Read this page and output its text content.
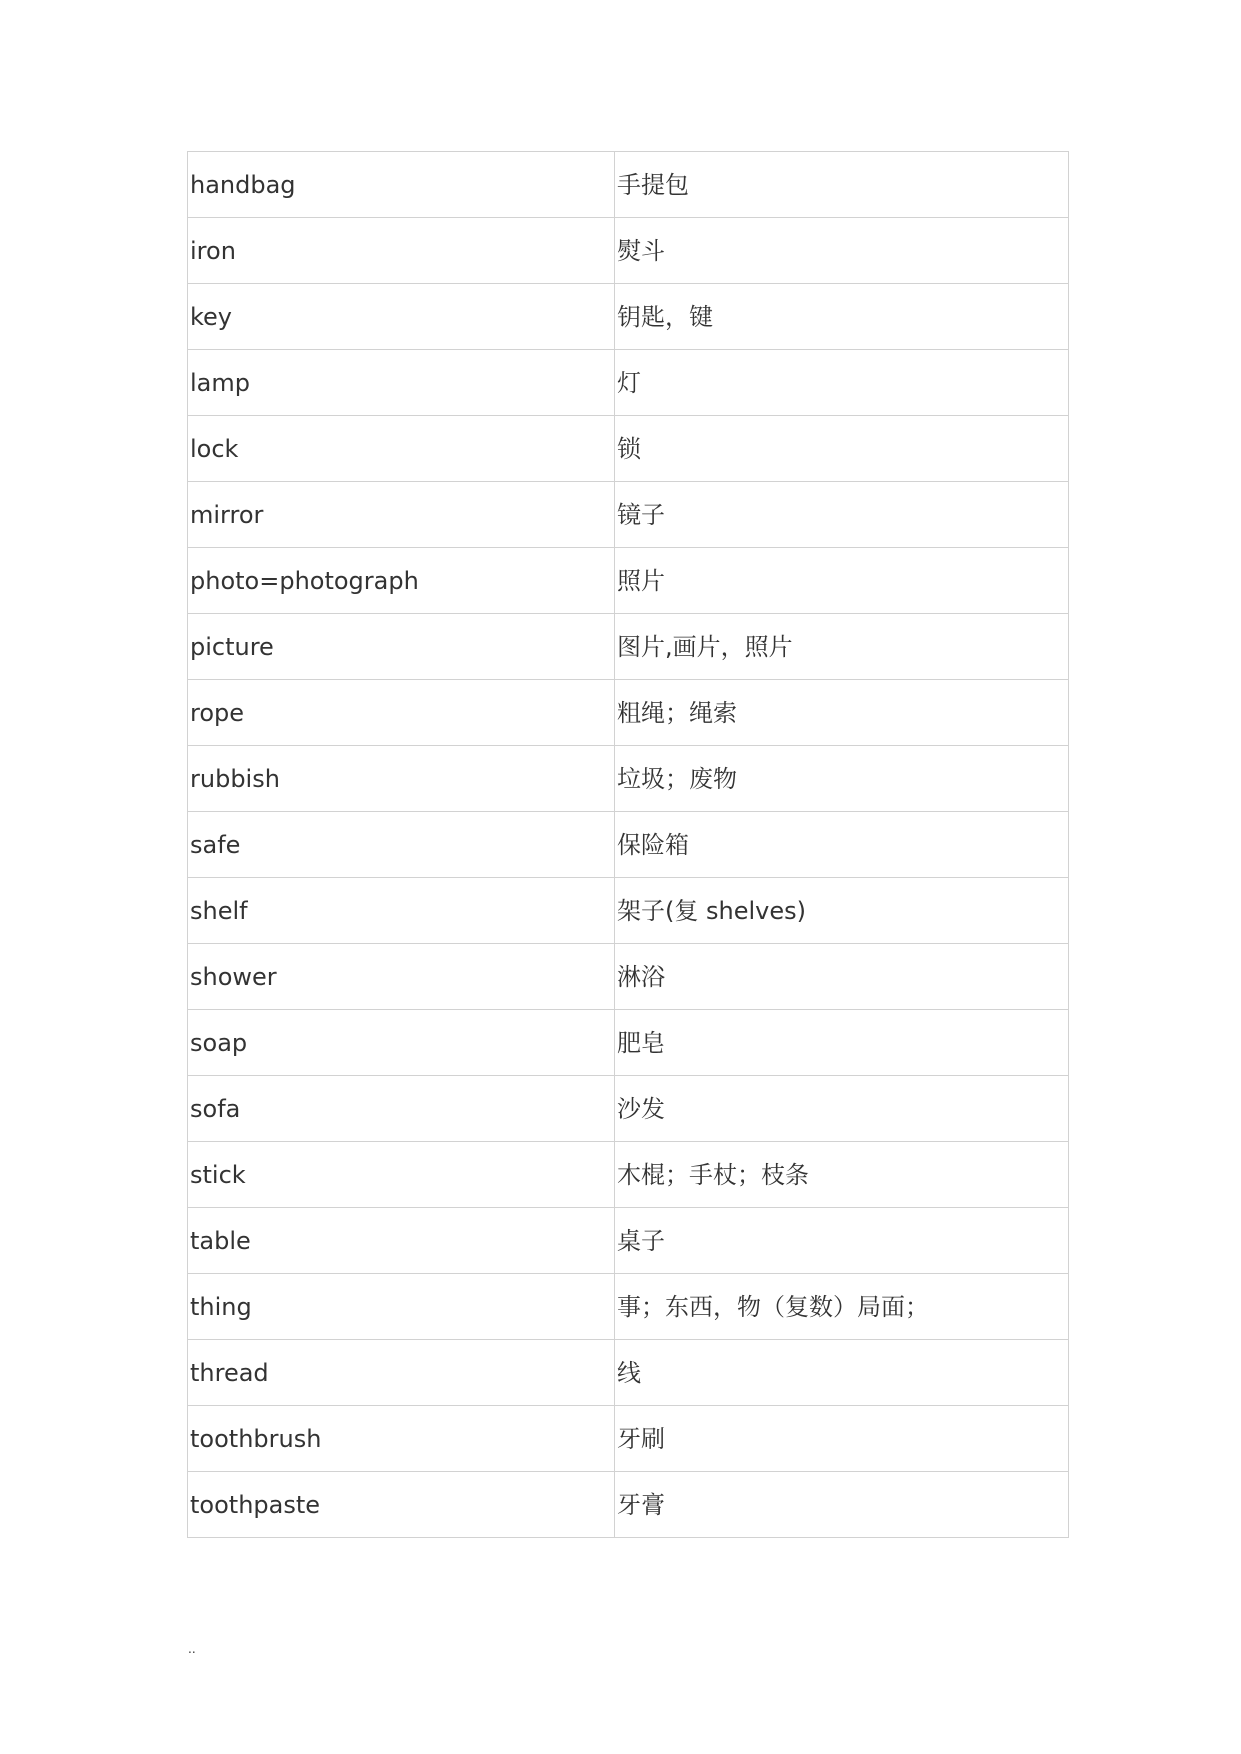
handbag	手提包
iron	熨斗
key	钥匙，键
lamp	灯
lock	锁
mirror	镜子
photo=photograph	照片
picture	图片,画片，照片
rope	粗绳；绳索
rubbish	垃圾；废物
safe	保险箱
shelf	架子(复 shelves)
shower	淋浴
soap	肥皂
sofa	沙发
stick	木棍；手杖；枝条
table	桌子
thing	事；东西，物（复数）局面；
thread	线
toothbrush	牙刷
toothpaste	牙膏
..
